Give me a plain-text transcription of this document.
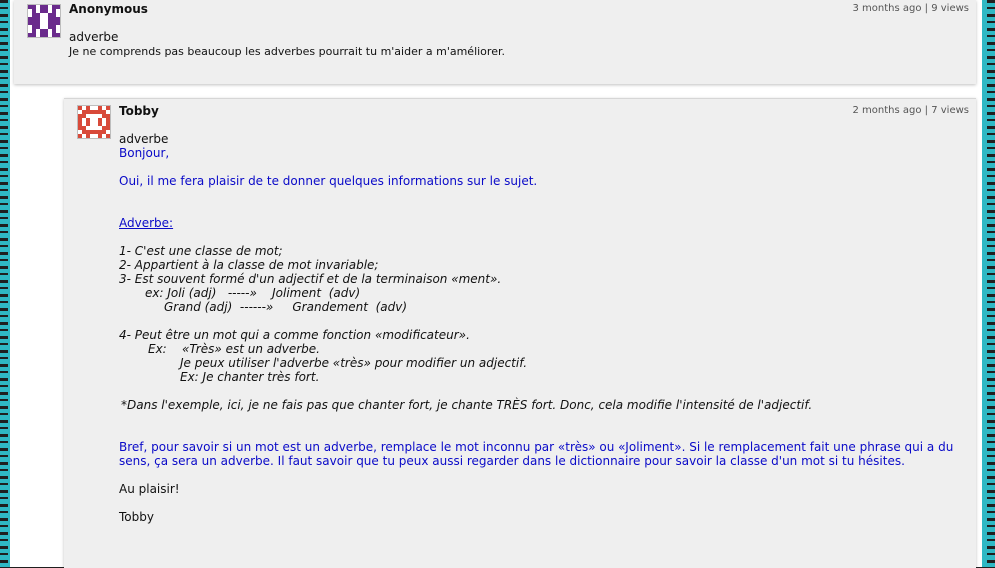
Anonymous	3 months ago | 9 views
adverbe
Je ne comprends pas beaucoup les adverbes pourrait tu m'aider a m'améliorer.
Tobby	2 months ago | 7 views
adverbe
Bonjour,
Oui, il me fera plaisir de te donner quelques informations sur le sujet.
Adverbe:
1- C'est une classe de mot;
2- Appartient à la classe de mot invariable;
3- Est souvent formé d'un adjectif et de la terminaison «ment».
ex: Joli (adj)   -----»    Joliment  (adv)
Grand (adj)  ------»     Grandement  (adv)
4- Peut être un mot qui a comme fonction «modificateur».
Ex:    «Très» est un adverbe.
Je peux utiliser l'adverbe «très» pour modifier un adjectif.
Ex: Je chanter très fort.
*Dans l'exemple, ici, je ne fais pas que chanter fort, je chante TRÈS fort. Donc, cela modifie l'intensité de l'adjectif.
Bref, pour savoir si un mot est un adverbe, remplace le mot inconnu par «très» ou «Joliment». Si le remplacement fait une phrase qui a du sens, ça sera un adverbe. Il faut savoir que tu peux aussi regarder dans le dictionnaire pour savoir la classe d'un mot si tu hésites.
Au plaisir!
Tobby
